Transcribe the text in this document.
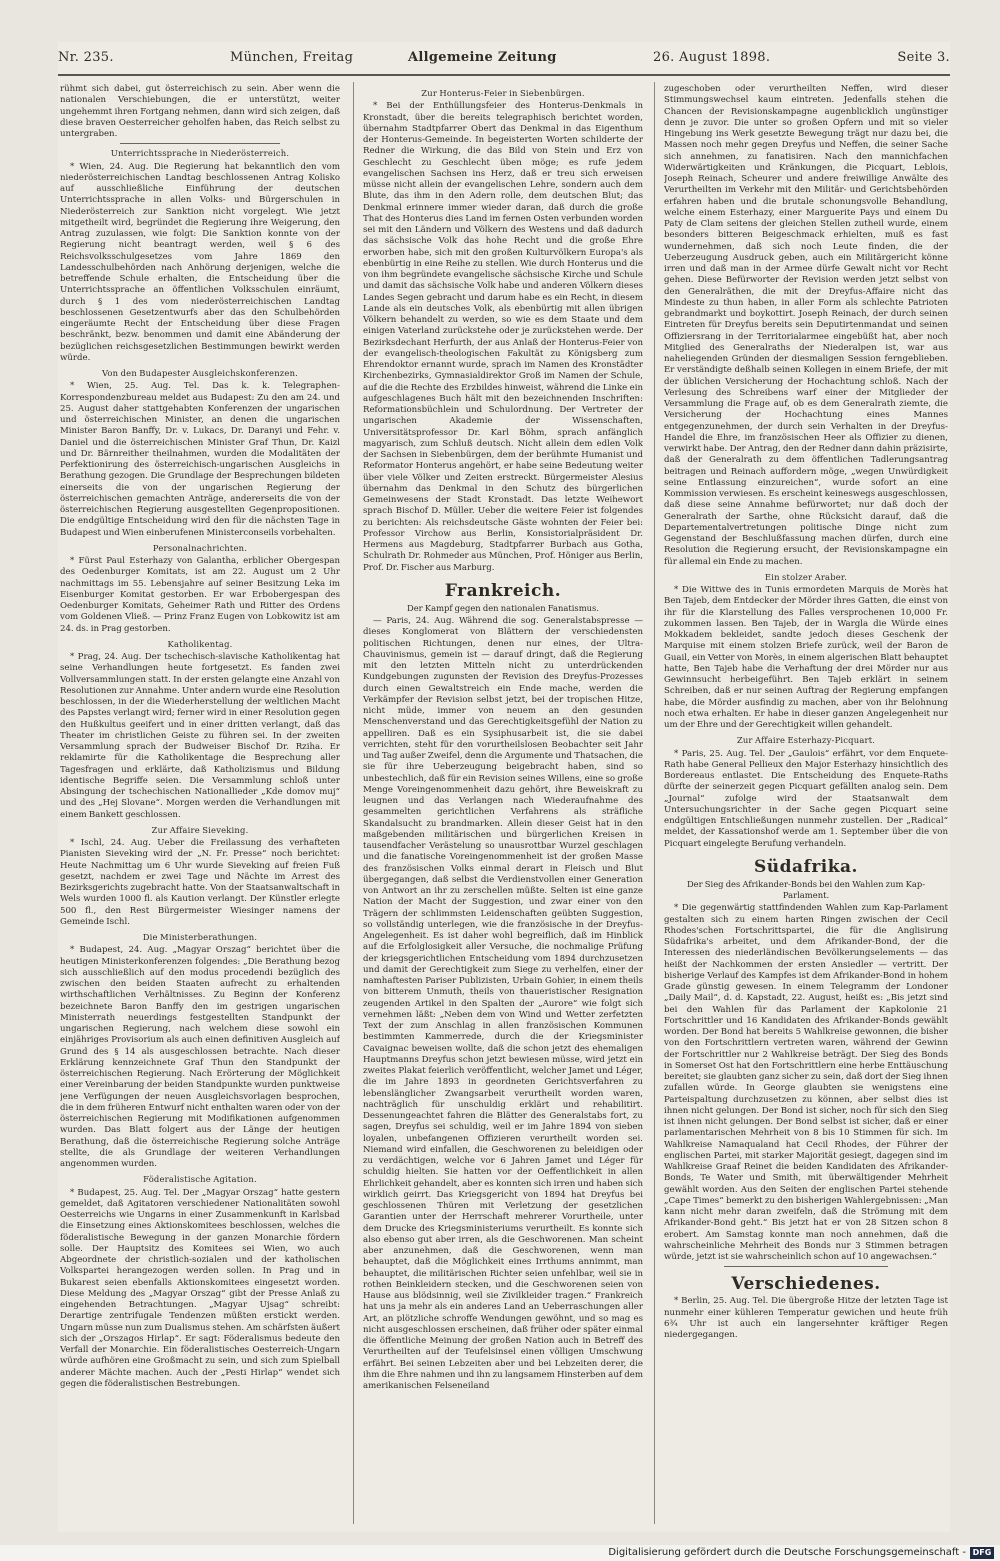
Nr. 235.	München, Freitag	Allgemeine Zeitung	26. August 1898.	Seite 3.

rühmt sich dabei, gut österreichisch zu sein. Aber wenn die nationalen Verschiebungen, die er unterstützt, weiter ungehemmt ihren Fortgang nehmen, dann wird sich zeigen, daß diese braven Oesterreicher geholfen haben, das Reich selbst zu untergraben.

Unterrichtssprache in Niederösterreich.

* Wien, 24. Aug. Die Regierung hat bekanntlich den vom niederösterreichischen Landtag beschlossenen Antrag Kolisko auf ausschließliche Einführung der deutschen Unterrichtssprache in allen Volks- und Bürgerschulen in Niederösterreich zur Sanktion nicht vorgelegt. Wie jetzt mitgetheilt wird, begründet die Regierung ihre Weigerung, den Antrag zuzulassen, wie folgt: Die Sanktion konnte von der Regierung nicht beantragt werden, weil § 6 des Reichsvolksschulgesetzes vom Jahre 1869 den Landesschulbehörden nach Anhörung derjenigen, welche die betreffende Schule erhalten, die Entscheidung über die Unterrichtssprache an öffentlichen Volksschulen einräumt, durch § 1 des vom niederösterreichischen Landtag beschlossenen Gesetzentwurfs aber das den Schulbehörden eingeräumte Recht der Entscheidung über diese Fragen beschränkt, bezw. benommen und damit eine Abänderung der bezüglichen reichsgesetzlichen Bestimmungen bewirkt werden würde.

Von den Budapester Ausgleichskonferenzen.

* Wien, 25. Aug. Tel. Das k. k. Telegraphen-Korrespondenzbureau meldet aus Budapest: Zu den am 24. und 25. August daher stattgehabten Konferenzen der ungarischen und österreichischen Minister, an denen die ungarischen Minister Baron Banffy, Dr. v. Lukacs, Dr. Daranyi und Fehr. v. Daniel und die österreichischen Minister Graf Thun, Dr. Kaizl und Dr. Bärnreither theilnahmen, wurden die Modalitäten der Perfektionirung des österreichisch-ungarischen Ausgleichs in Berathung gezogen. Die Grundlage der Besprechungen bildeten einerseits die von der ungarischen Regierung der österreichischen gemachten Anträge, andererseits die von der österreichischen Regierung ausgestellten Gegenpropositionen. Die endgültige Entscheidung wird den für die nächsten Tage in Budapest und Wien einberufenen Ministerconseils vorbehalten.

Personalnachrichten.

* Fürst Paul Esterhazy von Galantha, erblicher Obergespan des Oedenburger Komitats, ist am 22. August um 2 Uhr nachmittags im 55. Lebensjahre auf seiner Besitzung Leka im Eisenburger Komitat gestorben. Er war Erbobergespan des Oedenburger Komitats, Geheimer Rath und Ritter des Ordens vom Goldenen Vließ. — Prinz Franz Eugen von Lobkowitz ist am 24. ds. in Prag gestorben.

Katholikentag.

* Prag, 24. Aug. Der tschechisch-slavische Katholikentag hat seine Verhandlungen heute fortgesetzt. Es fanden zwei Vollversammlungen statt. In der ersten gelangte eine Anzahl von Resolutionen zur Annahme. Unter andern wurde eine Resolution beschlossen, in der die Wiederherstellung der weltlichen Macht des Papstes verlangt wird; ferner wird in einer Resolution gegen den Hußkultus geeifert und in einer dritten verlangt, daß das Theater im christlichen Geiste zu führen sei. In der zweiten Versammlung sprach der Budweiser Bischof Dr. Rziha. Er reklamirte für die Katholikentage die Besprechung aller Tagesfragen und erklärte, daß Katholizismus und Bildung identische Begriffe seien. Die Versammlung schloß unter Absingung der tschechischen Nationallieder „Kde domov muj“ und des „Hej Slovane“. Morgen werden die Verhandlungen mit einem Bankett geschlossen.

Zur Affaire Sieveking.

* Ischl, 24. Aug. Ueber die Freilassung des verhafteten Pianisten Sieveking wird der „N. Fr. Presse“ noch berichtet: Heute Nachmittag um 6 Uhr wurde Sieveking auf freien Fuß gesetzt, nachdem er zwei Tage und Nächte im Arrest des Bezirksgerichts zugebracht hatte. Von der Staatsanwaltschaft in Wels wurden 1000 fl. als Kaution verlangt. Der Künstler erlegte 500 fl., den Rest Bürgermeister Wiesinger namens der Gemeinde Ischl.

Die Ministerberathungen.

* Budapest, 24. Aug. „Magyar Orszag“ berichtet über die heutigen Ministerkonferenzen folgendes: „Die Berathung bezog sich ausschließlich auf den modus procedendi bezüglich des zwischen den beiden Staaten aufrecht zu erhaltenden wirthschaftlichen Verhältnisses. Zu Beginn der Konferenz bezeichnete Baron Banffy den im gestrigen ungarischen Ministerrath neuerdings festgestellten Standpunkt der ungarischen Regierung, nach welchem diese sowohl ein einjähriges Provisorium als auch einen definitiven Ausgleich auf Grund des § 14 als ausgeschlossen betrachte. Nach dieser Erklärung kennzeichnete Graf Thun den Standpunkt der österreichischen Regierung. Nach Erörterung der Möglichkeit einer Vereinbarung der beiden Standpunkte wurden punktweise jene Verfügungen der neuen Ausgleichsvorlagen besprochen, die in dem früheren Entwurf nicht enthalten waren oder von der österreichischen Regierung mit Modifikationen aufgenommen wurden. Das Blatt folgert aus der Länge der heutigen Berathung, daß die österreichische Regierung solche Anträge stellte, die als Grundlage der weiteren Verhandlungen angenommen wurden.

Föderalistische Agitation.

* Budapest, 25. Aug. Tel. Der „Magyar Orszag“ hatte gestern gemeldet, daß Agitatoren verschiedener Nationalitäten sowohl Oesterreichs wie Ungarns in einer Zusammenkunft in Karlsbad die Einsetzung eines Aktionskomitees beschlossen, welches die föderalistische Bewegung in der ganzen Monarchie fördern solle. Der Hauptsitz des Komitees sei Wien, wo auch Abgeordnete der christlich-sozialen und der katholischen Volkspartei herangezogen werden sollen. In Prag und in Bukarest seien ebenfalls Aktionskomitees eingesetzt worden. Diese Meldung des „Magyar Orszag“ gibt der Presse Anlaß zu eingehenden Betrachtungen. „Magyar Ujsag“ schreibt: Derartige zentrifugale Tendenzen müßten erstickt werden. Ungarn müsse nun zum Dualismus stehen. Am schärfsten äußert sich der „Orszagos Hirlap“. Er sagt: Föderalismus bedeute den Verfall der Monarchie. Ein föderalistisches Oesterreich-Ungarn würde aufhören eine Großmacht zu sein, und sich zum Spielball anderer Mächte machen. Auch der „Pesti Hirlap“ wendet sich gegen die föderalistischen Bestrebungen.

Zur Honterus-Feier in Siebenbürgen.

* Bei der Enthüllungsfeier des Honterus-Denkmals in Kronstadt, über die bereits telegraphisch berichtet worden, übernahm Stadtpfarrer Obert das Denkmal in das Eigenthum der Honterus-Gemeinde. In begeisterten Worten schilderte der Redner die Wirkung, die das Bild von Stein und Erz von Geschlecht zu Geschlecht üben möge; es rufe jedem evangelischen Sachsen ins Herz, daß er treu sich erweisen müsse nicht allein der evangelischen Lehre, sondern auch dem Blute, das ihm in den Adern rolle, dem deutschen Blut; das Denkmal erinnere immer wieder daran, daß durch die große That des Honterus dies Land im fernen Osten verbunden worden sei mit den Ländern und Völkern des Westens und daß dadurch das sächsische Volk das hohe Recht und die große Ehre erworben habe, sich mit den großen Kulturvölkern Europa's als ebenbürtig in eine Reihe zu stellen. Wie durch Honterus und die von ihm begründete evangelische sächsische Kirche und Schule und damit das sächsische Volk habe und anderen Völkern dieses Landes Segen gebracht und darum habe es ein Recht, in diesem Lande als ein deutsches Volk, als ebenbürtig mit allen übrigen Völkern behandelt zu werden, so wie es dem Staate und dem einigen Vaterland zurückstehe oder je zurückstehen werde. Der Bezirksdechant Herfurth, der aus Anlaß der Honterus-Feier von der evangelisch-theologischen Fakultät zu Königsberg zum Ehrendoktor ernannt wurde, sprach im Namen des Kronstädter Kirchenbezirks, Gymnasialdirektor Groß im Namen der Schule, auf die die Rechte des Erzbildes hinweist, während die Linke ein aufgeschlagenes Buch hält mit den bezeichnenden Inschriften: Reformationsbüchlein und Schulordnung. Der Vertreter der ungarischen Akademie der Wissenschaften, Universitätsprofessor Dr. Karl Böhm, sprach anfänglich magyarisch, zum Schluß deutsch. Nicht allein dem edlen Volk der Sachsen in Siebenbürgen, dem der berühmte Humanist und Reformator Honterus angehört, er habe seine Bedeutung weiter über viele Völker und Zeiten erstreckt. Bürgermeister Alesius übernahm das Denkmal in den Schutz des bürgerlichen Gemeinwesens der Stadt Kronstadt. Das letzte Weihewort sprach Bischof D. Müller. Ueber die weitere Feier ist folgendes zu berichten: Als reichsdeutsche Gäste wohnten der Feier bei: Professor Virchow aus Berlin, Konsistorialpräsident Dr. Hermens aus Magdeburg, Stadtpfarrer Burbach aus Gotha, Schulrath Dr. Rohmeder aus München, Prof. Höniger aus Berlin, Prof. Dr. Fischer aus Marburg.

Frankreich.

Der Kampf gegen den nationalen Fanatismus.

— Paris, 24. Aug. Während die sog. Generalstabspresse — dieses Konglomerat von Blättern der verschiedensten politischen Richtungen, denen nur eines, der Ultra-Chauvinismus, gemein ist — darauf dringt, daß die Regierung mit den letzten Mitteln nicht zu unterdrückenden Kundgebungen zugunsten der Revision des Dreyfus-Prozesses durch einen Gewaltstreich ein Ende mache, werden die Verkämpfer der Revision selbst jetzt, bei der tropischen Hitze, nicht müde, immer von neuem an den gesunden Menschenverstand und das Gerechtigkeitsgefühl der Nation zu appelliren. Daß es ein Sysiphusarbeit ist, die sie dabei verrichten, steht für den vorurtheilslosen Beobachter seit Jahr und Tag außer Zweifel, denn die Argumente und Thatsachen, die sie für ihre Ueberzeugung beigebracht haben, sind so unbestechlich, daß für ein Revision seines Willens, eine so große Menge Voreingenommenheit dazu gehört, ihre Beweiskraft zu leugnen und das Verlangen nach Wiederaufnahme des gesammelten gerichtlichen Verfahrens als sträfliche Skandalsucht zu brandmarken. Allein dieser Geist hat in den maßgebenden militärischen und bürgerlichen Kreisen in tausendfacher Verästelung so unausrottbar Wurzel geschlagen und die fanatische Voreingenommenheit ist der großen Masse des französischen Volks einmal derart in Fleisch und Blut übergegangen, daß selbst die Verdienstvollen einer Generation von Antwort an ihr zu zerschellen müßte. Selten ist eine ganze Nation der Macht der Suggestion, und zwar einer von den Trägern der schlimmsten Leidenschaften geübten Suggestion, so vollständig unterlegen, wie die französische in der Dreyfus-Angelegenheit. Es ist daher wohl begreiflich, daß im Hinblick auf die Erfolglosigkeit aller Versuche, die nochmalige Prüfung der kriegsgerichtlichen Entscheidung vom 1894 durchzusetzen und damit der Gerechtigkeit zum Siege zu verhelfen, einer der namhaftesten Pariser Publizisten, Urbain Gohier, in einem theils von bitterem Unmuth, theils von thaueristischer Resignation zeugenden Artikel in den Spalten der „Aurore“ wie folgt sich vernehmen läßt: „Neben dem von Wind und Wetter zerfetzten Text der zum Anschlag in allen französischen Kommunen bestimmten Kammerrede, durch die der Kriegsminister Cavaignac beweisen wollte, daß die schon jetzt des ehemaligen Hauptmanns Dreyfus schon jetzt bewiesen müsse, wird jetzt ein zweites Plakat feierlich veröffentlicht, welcher Jamet und Léger, die im Jahre 1893 in geordneten Gerichtsverfahren zu lebenslänglicher Zwangsarbeit verurtheilt worden waren, nachträglich für unschuldig erklärt und rehabilitirt. Dessenungeachtet fahren die Blätter des Generalstabs fort, zu sagen, Dreyfus sei schuldig, weil er im Jahre 1894 von sieben loyalen, unbefangenen Offizieren verurtheilt worden sei. Niemand wird einfallen, die Geschworenen zu beleidigen oder zu verdächtigen, welche vor 6 Jahren Jamet und Léger für schuldig hielten. Sie hatten vor der Oeffentlichkeit in allen Ehrlichkeit gehandelt, aber es konnten sich irren und haben sich wirklich geirrt. Das Kriegsgericht von 1894 hat Dreyfus bei geschlossenen Thüren mit Verletzung der gesetzlichen Garantien unter der Herrschaft mehrerer Vorurtheile, unter dem Drucke des Kriegsministeriums verurtheilt. Es konnte sich also ebenso gut aber irren, als die Geschworenen. Man scheint aber anzunehmen, daß die Geschworenen, wenn man behauptet, daß die Möglichkeit eines Irrthums annimmt, man behauptet, die militärischen Richter seien unfehlbar, weil sie in rothen Beinkleidern stecken, und die Geschworenen seien von Hause aus blödsinnig, weil sie Zivilkleider tragen.“ Frankreich hat uns ja mehr als ein anderes Land an Ueberraschungen aller Art, an plötzliche schroffe Wendungen gewöhnt, und so mag es nicht ausgeschlossen erscheinen, daß früher oder später einmal die öffentliche Meinung der großen Nation auch in Betreff des Verurtheilten auf der Teufelsinsel einen völligen Umschwung erfährt. Bei seinen Lebzeiten aber und bei Lebzeiten derer, die ihm die Ehre nahmen und ihn zu langsamem Hinsterben auf dem amerikanischen Felseneiland

zugeschoben oder verurtheilten Neffen, wird dieser Stimmungswechsel kaum eintreten. Jedenfalls stehen die Chancen der Revisionskampagne augenblicklich ungünstiger denn je zuvor. Die unter so großen Opfern und mit so vieler Hingebung ins Werk gesetzte Bewegung trägt nur dazu bei, die Massen noch mehr gegen Dreyfus und Neffen, die seiner Sache sich annehmen, zu fanatisiren. Nach den mannichfachen Widerwärtigkeiten und Kränkungen, die Picquart, Leblois, Joseph Reinach, Scheurer und andere freiwillige Anwälte des Verurtheilten im Verkehr mit den Militär- und Gerichtsbehörden erfahren haben und die brutale schonungsvolle Behandlung, welche einem Esterhazy, einer Marguerite Pays und einem Du Paty de Clam seitens der gleichen Stellen zutheil wurde, einem besonders bitteren Beigeschmack erhielten, muß es fast wundernehmen, daß sich noch Leute finden, die der Ueberzeugung Ausdruck geben, auch ein Militärgericht könne irren und daß man in der Armee dürfe Gewalt nicht vor Recht gehen. Diese Befürworter der Revision werden jetzt selbst von den Generalräthen, die mit der Dreyfus-Affaire nicht das Mindeste zu thun haben, in aller Form als schlechte Patrioten gebrandmarkt und boykottirt. Joseph Reinach, der durch seinen Eintreten für Dreyfus bereits sein Deputirtenmandat und seinen Offiziersrang in der Territorialarmee eingebüßt hat, aber noch Mitglied des Generalraths der Niederalpen ist, war aus naheliegenden Gründen der diesmaligen Session ferngeblieben. Er verständigte deßhalb seinen Kollegen in einem Briefe, der mit der üblichen Versicherung der Hochachtung schloß. Nach der Verlesung des Schreibens warf einer der Mitglieder der Versammlung die Frage auf, ob es dem Generalrath ziemte, die Versicherung der Hochachtung eines Mannes entgegenzunehmen, der durch sein Verhalten in der Dreyfus-Handel die Ehre, im französischen Heer als Offizier zu dienen, verwirkt habe. Der Antrag, den der Redner dann dahin präzisirte, daß der Generalrath zu dem öffentlichen Tadlerungsantrag beitragen und Reinach auffordern möge, „wegen Unwürdigkeit seine Entlassung einzureichen“, wurde sofort an eine Kommission verwiesen. Es erscheint keineswegs ausgeschlossen, daß diese seine Annahme befürwortet; nur daß doch der Generalrath der Sarthe, ohne Rücksicht darauf, daß die Departementalvertretungen politische Dinge nicht zum Gegenstand der Beschlußfassung machen dürfen, durch eine Resolution die Regierung ersucht, der Revisionskampagne ein für allemal ein Ende zu machen.

Ein stolzer Araber.

* Die Wittwe des in Tunis ermordeten Marquis de Morès hat Ben Tajeb, dem Entdecker der Mörder ihres Gatten, die einst von ihr für die Klarstellung des Falles versprochenen 10,000 Fr. zukommen lassen. Ben Tajeb, der in Wargla die Würde eines Mokkadem bekleidet, sandte jedoch dieses Geschenk der Marquise mit einem stolzen Briefe zurück, weil der Baron de Guail, ein Vetter von Morès, in einem algerischen Blatt behauptet hatte, Ben Tajeb habe die Verhaftung der drei Mörder nur aus Gewinnsucht herbeigeführt. Ben Tajeb erklärt in seinem Schreiben, daß er nur seinen Auftrag der Regierung empfangen habe, die Mörder ausfindig zu machen, aber von ihr Belohnung noch etwa erhalten. Er habe in dieser ganzen Angelegenheit nur um der Ehre und der Gerechtigkeit willen gehandelt.

Zur Affaire Esterhazy-Picquart.

* Paris, 25. Aug. Tel. Der „Gaulois“ erfährt, vor dem Enquete-Rath habe General Pellieux den Major Esterhazy hinsichtlich des Bordereaus entlastet. Die Entscheidung des Enquete-Raths dürfte der seinerzeit gegen Picquart gefällten analog sein. Dem „Journal“ zufolge wird der Staatsanwalt dem Untersuchungsrichter in der Sache gegen Picquart seine endgültigen Entschließungen nunmehr zustellen. Der „Radical“ meldet, der Kassationshof werde am 1. September über die von Picquart eingelegte Berufung verhandeln.

Südafrika.

Der Sieg des Afrikander-Bonds bei den Wahlen zum Kap-Parlament.

* Die gegenwärtig stattfindenden Wahlen zum Kap-Parlament gestalten sich zu einem harten Ringen zwischen der Cecil Rhodes'schen Fortschrittspartei, die für die Anglisirung Südafrika's arbeitet, und dem Afrikander-Bond, der die Interessen des niederländischen Bevölkerungselements — das heißt der Nachkommen der ersten Ansiedler — vertritt. Der bisherige Verlauf des Kampfes ist dem Afrikander-Bond in hohem Grade günstig gewesen. In einem Telegramm der Londoner „Daily Mail“, d. d. Kapstadt, 22. August, heißt es: „Bis jetzt sind bei den Wahlen für das Parlament der Kapkolonie 21 Fortschrittler und 16 Kandidaten des Afrikander-Bonds gewählt worden. Der Bond hat bereits 5 Wahlkreise gewonnen, die bisher von den Fortschrittlern vertreten waren, während der Gewinn der Fortschrittler nur 2 Wahlkreise beträgt. Der Sieg des Bonds in Somerset Ost hat den Fortschrittlern eine herbe Enttäuschung bereitet; sie glaubten ganz sicher zu sein, daß dort der Sieg ihnen zufallen würde. In George glaubten sie wenigstens eine Parteispaltung durchzusetzen zu können, aber selbst dies ist ihnen nicht gelungen. Der Bond ist sicher, noch für sich den Sieg ist ihnen nicht gelungen. Der Bond selbst ist sicher, daß er einer parlamentarischen Mehrheit von 8 bis 10 Stimmen für sich. Im Wahlkreise Namaqualand hat Cecil Rhodes, der Führer der englischen Partei, mit starker Majorität gesiegt, dagegen sind im Wahlkreise Graaf Reinet die beiden Kandidaten des Afrikander-Bonds, Te Water und Smith, mit überwältigender Mehrheit gewählt worden. Aus den Seiten der englischen Partei stehende „Cape Times“ bemerkt zu den bisherigen Wahlergebnissen: „Man kann nicht mehr daran zweifeln, daß die Strömung mit dem Afrikander-Bond geht.“ Bis jetzt hat er von 28 Sitzen schon 8 erobert. Am Samstag konnte man noch annehmen, daß die wahrscheinliche Mehrheit des Bonds nur 3 Stimmen betragen würde, jetzt ist sie wahrscheinlich schon auf 10 angewachsen.“

Verschiedenes.

* Berlin, 25. Aug. Tel. Die übergroße Hitze der letzten Tage ist nunmehr einer kühleren Temperatur gewichen und heute früh 6¾ Uhr ist auch ein langersehnter kräftiger Regen niedergegangen.

Digitalisierung gefördert durch die Deutsche Forschungsgemeinschaft - DFG
